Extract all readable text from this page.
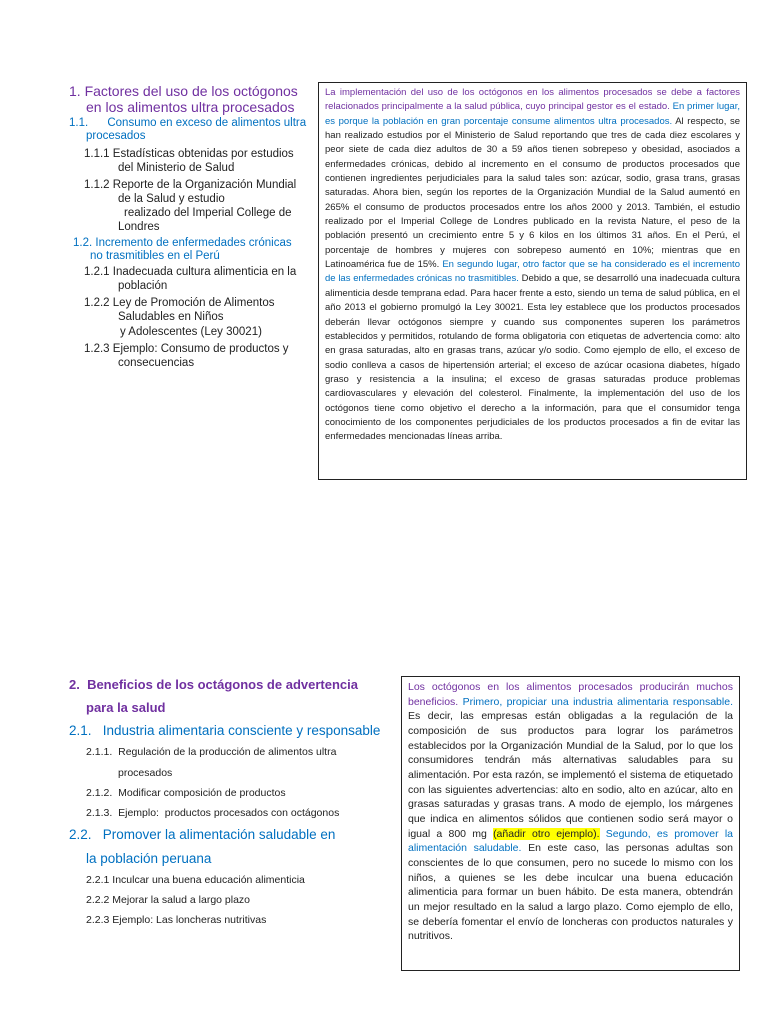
1. Factores del uso de los octógonos
en los alimentos ultra procesados
1.1.      Consumo en exceso de alimentos ultra
procesados
1.1.1 Estadísticas obtenidas por estudios
del Ministerio de Salud
1.1.2 Reporte de la Organización Mundial
de la Salud y estudio
realizado del Imperial College de
Londres
1.2. Incremento de enfermedades crónicas
no trasmitibles en el Perú
1.2.1 Inadecuada cultura alimenticia en la
población
1.2.2 Ley de Promoción de Alimentos
Saludables en Niños
y Adolescentes (Ley 30021)
1.2.3 Ejemplo: Consumo de productos y
consecuencias

La implementación del uso de los octógonos en los alimentos procesados se debe a factores relacionados principalmente a la salud pública, cuyo principal gestor es el estado. En primer lugar, es porque la población en gran porcentaje consume alimentos ultra procesados. Al respecto, se han realizado estudios por el Ministerio de Salud reportando que tres de cada diez escolares y peor siete de cada diez adultos de 30 a 59 años tienen sobrepeso y obesidad, asociados a enfermedades crónicas, debido al incremento en el consumo de productos procesados que contienen ingredientes perjudiciales para la salud tales son: azúcar, sodio, grasa trans, grasas saturadas. Ahora bien, según los reportes de la Organización Mundial de la Salud aumentó en 265% el consumo de productos procesados entre los años 2000 y 2013. También, el estudio realizado por el Imperial College de Londres publicado en la revista Nature, el peso de la población presentó un crecimiento entre 5 y 6 kilos en los últimos 31 años. En el Perú, el porcentaje de hombres y mujeres con sobrepeso aumentó en 10%; mientras que en Latinoamérica fue de 15%. En segundo lugar, otro factor que se ha considerado es el incremento de las enfermedades crónicas no trasmitibles. Debido a que, se desarrolló una inadecuada cultura alimenticia desde temprana edad. Para hacer frente a esto, siendo un tema de salud pública, en el año 2013 el gobierno promulgó la Ley 30021. Esta ley establece que los productos procesados deberán llevar octógonos siempre y cuando sus componentes superen los parámetros establecidos y permitidos, rotulando de forma obligatoria con etiquetas de advertencia como: alto en grasa saturadas, alto en grasas trans, azúcar y/o sodio. Como ejemplo de ello, el exceso de sodio conlleva a casos de hipertensión arterial; el exceso de azúcar ocasiona diabetes, hígado graso y resistencia a la insulina; el exceso de grasas saturadas produce problemas cardiovasculares y elevación del colesterol. Finalmente, la implementación del uso de los octógonos tiene como objetivo el derecho a la información, para que el consumidor tenga conocimiento de los componentes perjudiciales de los productos procesados a fin de evitar las enfermedades mencionadas líneas arriba.

2.  Beneficios de los octágonos de advertencia
para la salud
2.1.   Industria alimentaria consciente y responsable
2.1.1.  Regulación de la producción de alimentos ultra
procesados
2.1.2.  Modificar composición de productos
2.1.3.  Ejemplo:  productos procesados con octágonos
2.2.   Promover la alimentación saludable en
la población peruana
2.2.1 Inculcar una buena educación alimenticia
2.2.2 Mejorar la salud a largo plazo
2.2.3 Ejemplo: Las loncheras nutritivas

Los octógonos en los alimentos procesados producirán muchos beneficios. Primero, propiciar una industria alimentaria responsable. Es decir, las empresas están obligadas a la regulación de la composición de sus productos para lograr los parámetros establecidos por la Organización Mundial de la Salud, por lo que los consumidores tendrán más alternativas saludables para su alimentación. Por esta razón, se implementó el sistema de etiquetado con las siguientes advertencias: alto en sodio, alto en azúcar, alto en grasas saturadas y grasas trans. A modo de ejemplo, los márgenes que indica en alimentos sólidos que contienen sodio será mayor o igual a 800 mg (añadir otro ejemplo). Segundo, es promover la alimentación saludable. En este caso, las personas adultas son conscientes de lo que consumen, pero no sucede lo mismo con los niños, a quienes se les debe inculcar una buena educación alimenticia para formar un buen hábito. De esta manera, obtendrán un mejor resultado en la salud a largo plazo. Como ejemplo de ello, se debería fomentar el envío de loncheras con productos naturales y nutritivos.
